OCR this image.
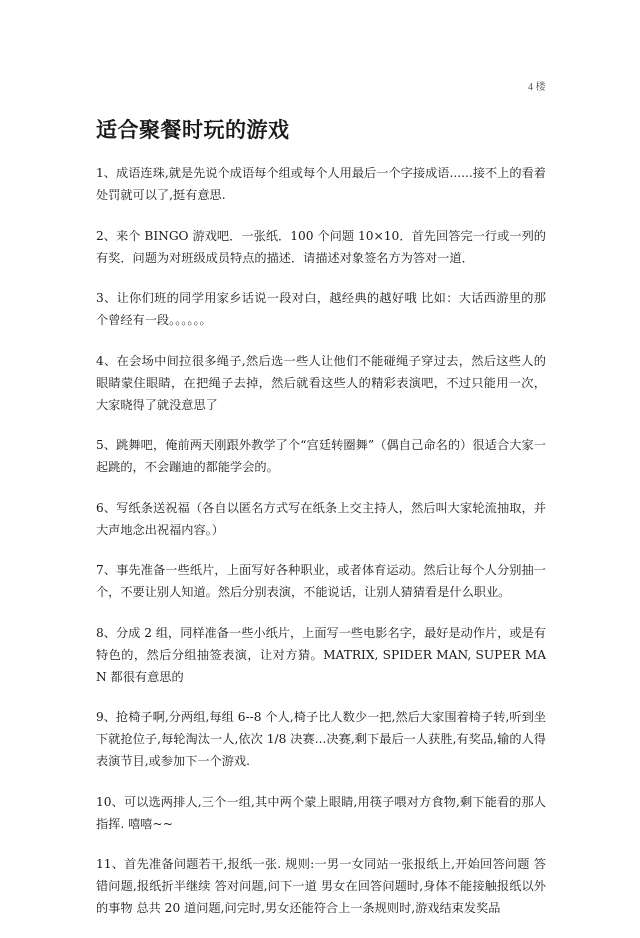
4 楼
适合聚餐时玩的游戏

1、成语连珠,就是先说个成语每个组或每个人用最后一个字接成语......接不上的看着处罚就可以了,挺有意思.

2、来个 BINGO 游戏吧．一张纸．100 个问题 10×10．首先回答完一行或一列的有奖．问题为对班级成员特点的描述．请描述对象签名方为答对一道．

3、让你们班的同学用家乡话说一段对白，越经典的越好哦 比如：大话西游里的那个曾经有一段。。。。。。

4、在会场中间拉很多绳子,然后选一些人让他们不能碰绳子穿过去，然后这些人的眼睛蒙住眼睛，在把绳子去掉，然后就看这些人的精彩表演吧，不过只能用一次，大家晓得了就没意思了

5、跳舞吧，俺前两天刚跟外教学了个“宫廷转圈舞”（偶自己命名的）很适合大家一起跳的，不会蹦迪的都能学会的。

6、写纸条送祝福（各自以匿名方式写在纸条上交主持人，然后叫大家轮流抽取，并大声地念出祝福内容。）

7、事先准备一些纸片，上面写好各种职业，或者体育运动。然后让每个人分别抽一个，不要让别人知道。然后分别表演，不能说话，让别人猜猜看是什么职业。

8、分成 2 组，同样准备一些小纸片，上面写一些电影名字，最好是动作片，或是有特色的，然后分组抽签表演，让对方猜。MATRIX, SPIDER MAN, SUPER MAN 都很有意思的

9、抢椅子啊,分两组,每组 6--8 个人,椅子比人数少一把,然后大家围着椅子转,听到坐下就抢位子,每轮淘汰一人,依次 1/8 决赛...决赛,剩下最后一人获胜,有奖品,输的人得表演节目,或参加下一个游戏.

10、可以选两排人,三个一组,其中两个蒙上眼睛,用筷子喂对方食物,剩下能看的那人指挥. 嘻嘻~~

11、首先准备问题若干,报纸一张. 规则:一男一女同站一张报纸上,开始回答问题 答错问题,报纸折半继续 答对问题,问下一道 男女在回答问题时,身体不能接触报纸以外的事物 总共 20 道问题,问完时,男女还能符合上一条规则时,游戏结束发奖品
